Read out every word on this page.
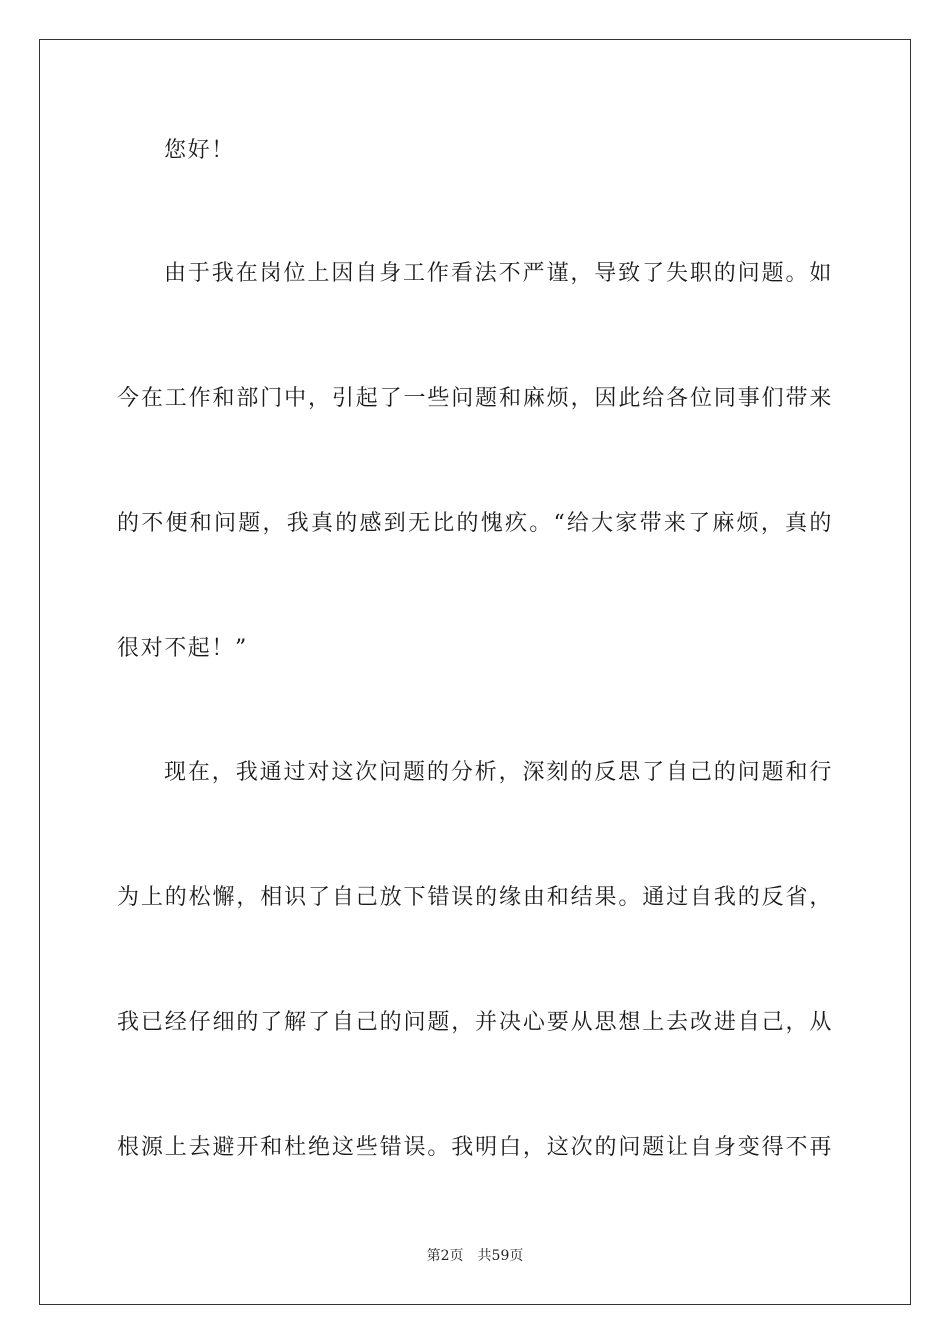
您好！
由于我在岗位上因自身工作看法不严谨，导致了失职的问题。如
今在工作和部门中，引起了一些问题和麻烦，因此给各位同事们带来
的不便和问题，我真的感到无比的愧疚。“给大家带来了麻烦，真的
很对不起！”
现在，我通过对这次问题的分析，深刻的反思了自己的问题和行
为上的松懈，相识了自己放下错误的缘由和结果。通过自我的反省，
我已经仔细的了解了自己的问题，并决心要从思想上去改进自己，从
根源上去避开和杜绝这些错误。我明白，这次的问题让自身变得不再
第2页 共59页
